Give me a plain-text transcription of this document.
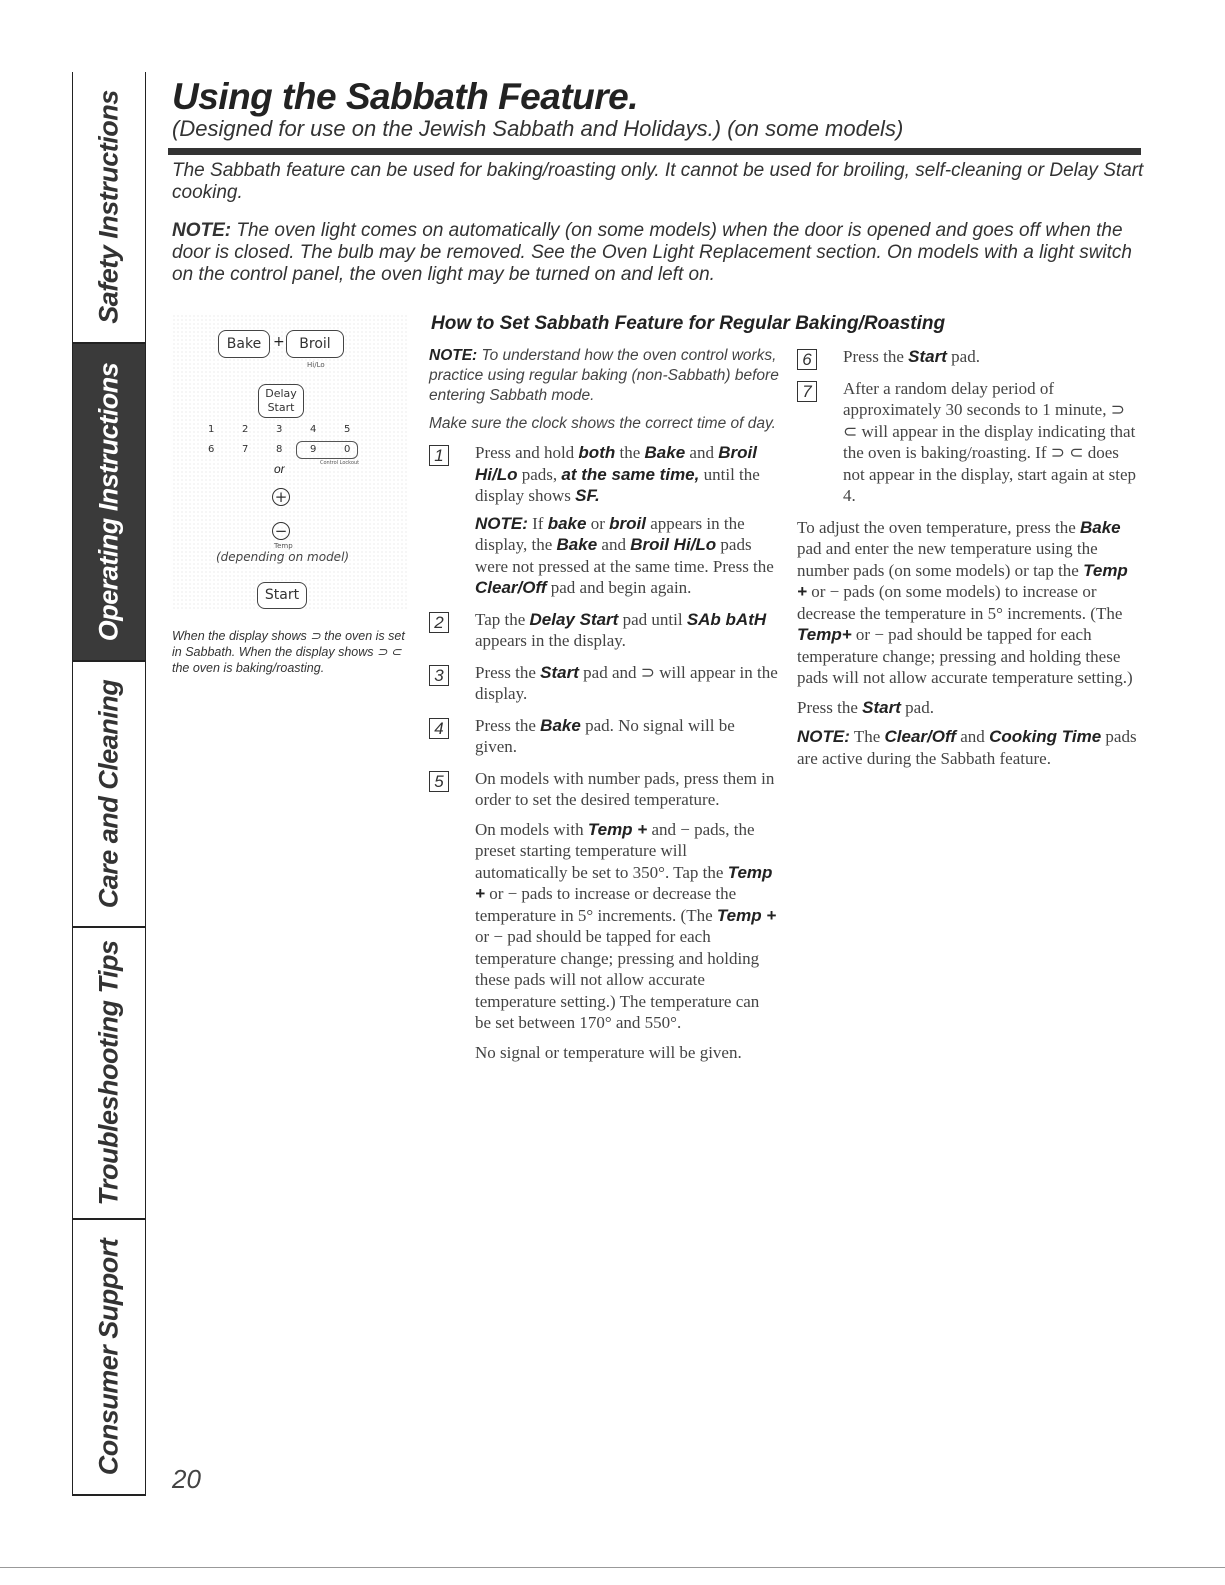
Safety Instructions
Operating Instructions
Care and Cleaning
Troubleshooting Tips
Consumer Support
Using the Sabbath Feature.
(Designed for use on the Jewish Sabbath and Holidays.) (on some models)
The Sabbath feature can be used for baking/roasting only. It cannot be used for broiling, self-cleaning or Delay Start cooking.
NOTE: The oven light comes on automatically (on some models) when the door is opened and goes off when the door is closed. The bulb may be removed. See the Oven Light Replacement section. On models with a light switch on the control panel, the oven light may be turned on and left on.
Bake +	Broil
Hi/Lo
Delay
Start
1	2	3	4	5
6	7	8	9	0
Control Lockout
or
+
−
Temp
(depending on model)
Start
When the display shows ⊃ the oven is set in Sabbath. When the display shows ⊃ ⊂ the oven is baking/roasting.
How to Set Sabbath Feature for Regular Baking/Roasting

NOTE: To understand how the oven control works, practice using regular baking (non-Sabbath) before entering Sabbath mode.

Make sure the clock shows the correct time of day.

1	Press and hold both the Bake and Broil Hi/Lo pads, at the same time, until the display shows SF.

NOTE: If bake or broil appears in the display, the Bake and Broil Hi/Lo pads were not pressed at the same time. Press the Clear/Off pad and begin again.

2	Tap the Delay Start pad until SAb bAtH appears in the display.
3	Press the Start pad and ⊃ will appear in the display.
4	Press the Bake pad. No signal will be given.
5	On models with number pads, press them in order to set the desired temperature.

On models with Temp + and − pads, the preset starting temperature will automatically be set to 350°. Tap the Temp + or − pads to increase or decrease the temperature in 5° increments. (The Temp + or − pad should be tapped for each temperature change; pressing and holding these pads will not allow accurate temperature setting.) The temperature can be set between 170° and 550°.

No signal or temperature will be given.

6	Press the Start pad.
7	After a random delay period of approximately 30 seconds to 1 minute, ⊃ ⊂ will appear in the display indicating that the oven is baking/roasting. If ⊃ ⊂ does not appear in the display, start again at step 4.

To adjust the oven temperature, press the Bake pad and enter the new temperature using the number pads (on some models) or tap the Temp + or − pads (on some models) to increase or decrease the temperature in 5° increments. (The Temp+ or − pad should be tapped for each temperature change; pressing and holding these pads will not allow accurate temperature setting.)

Press the Start pad.

NOTE: The Clear/Off and Cooking Time pads are active during the Sabbath feature.

20
